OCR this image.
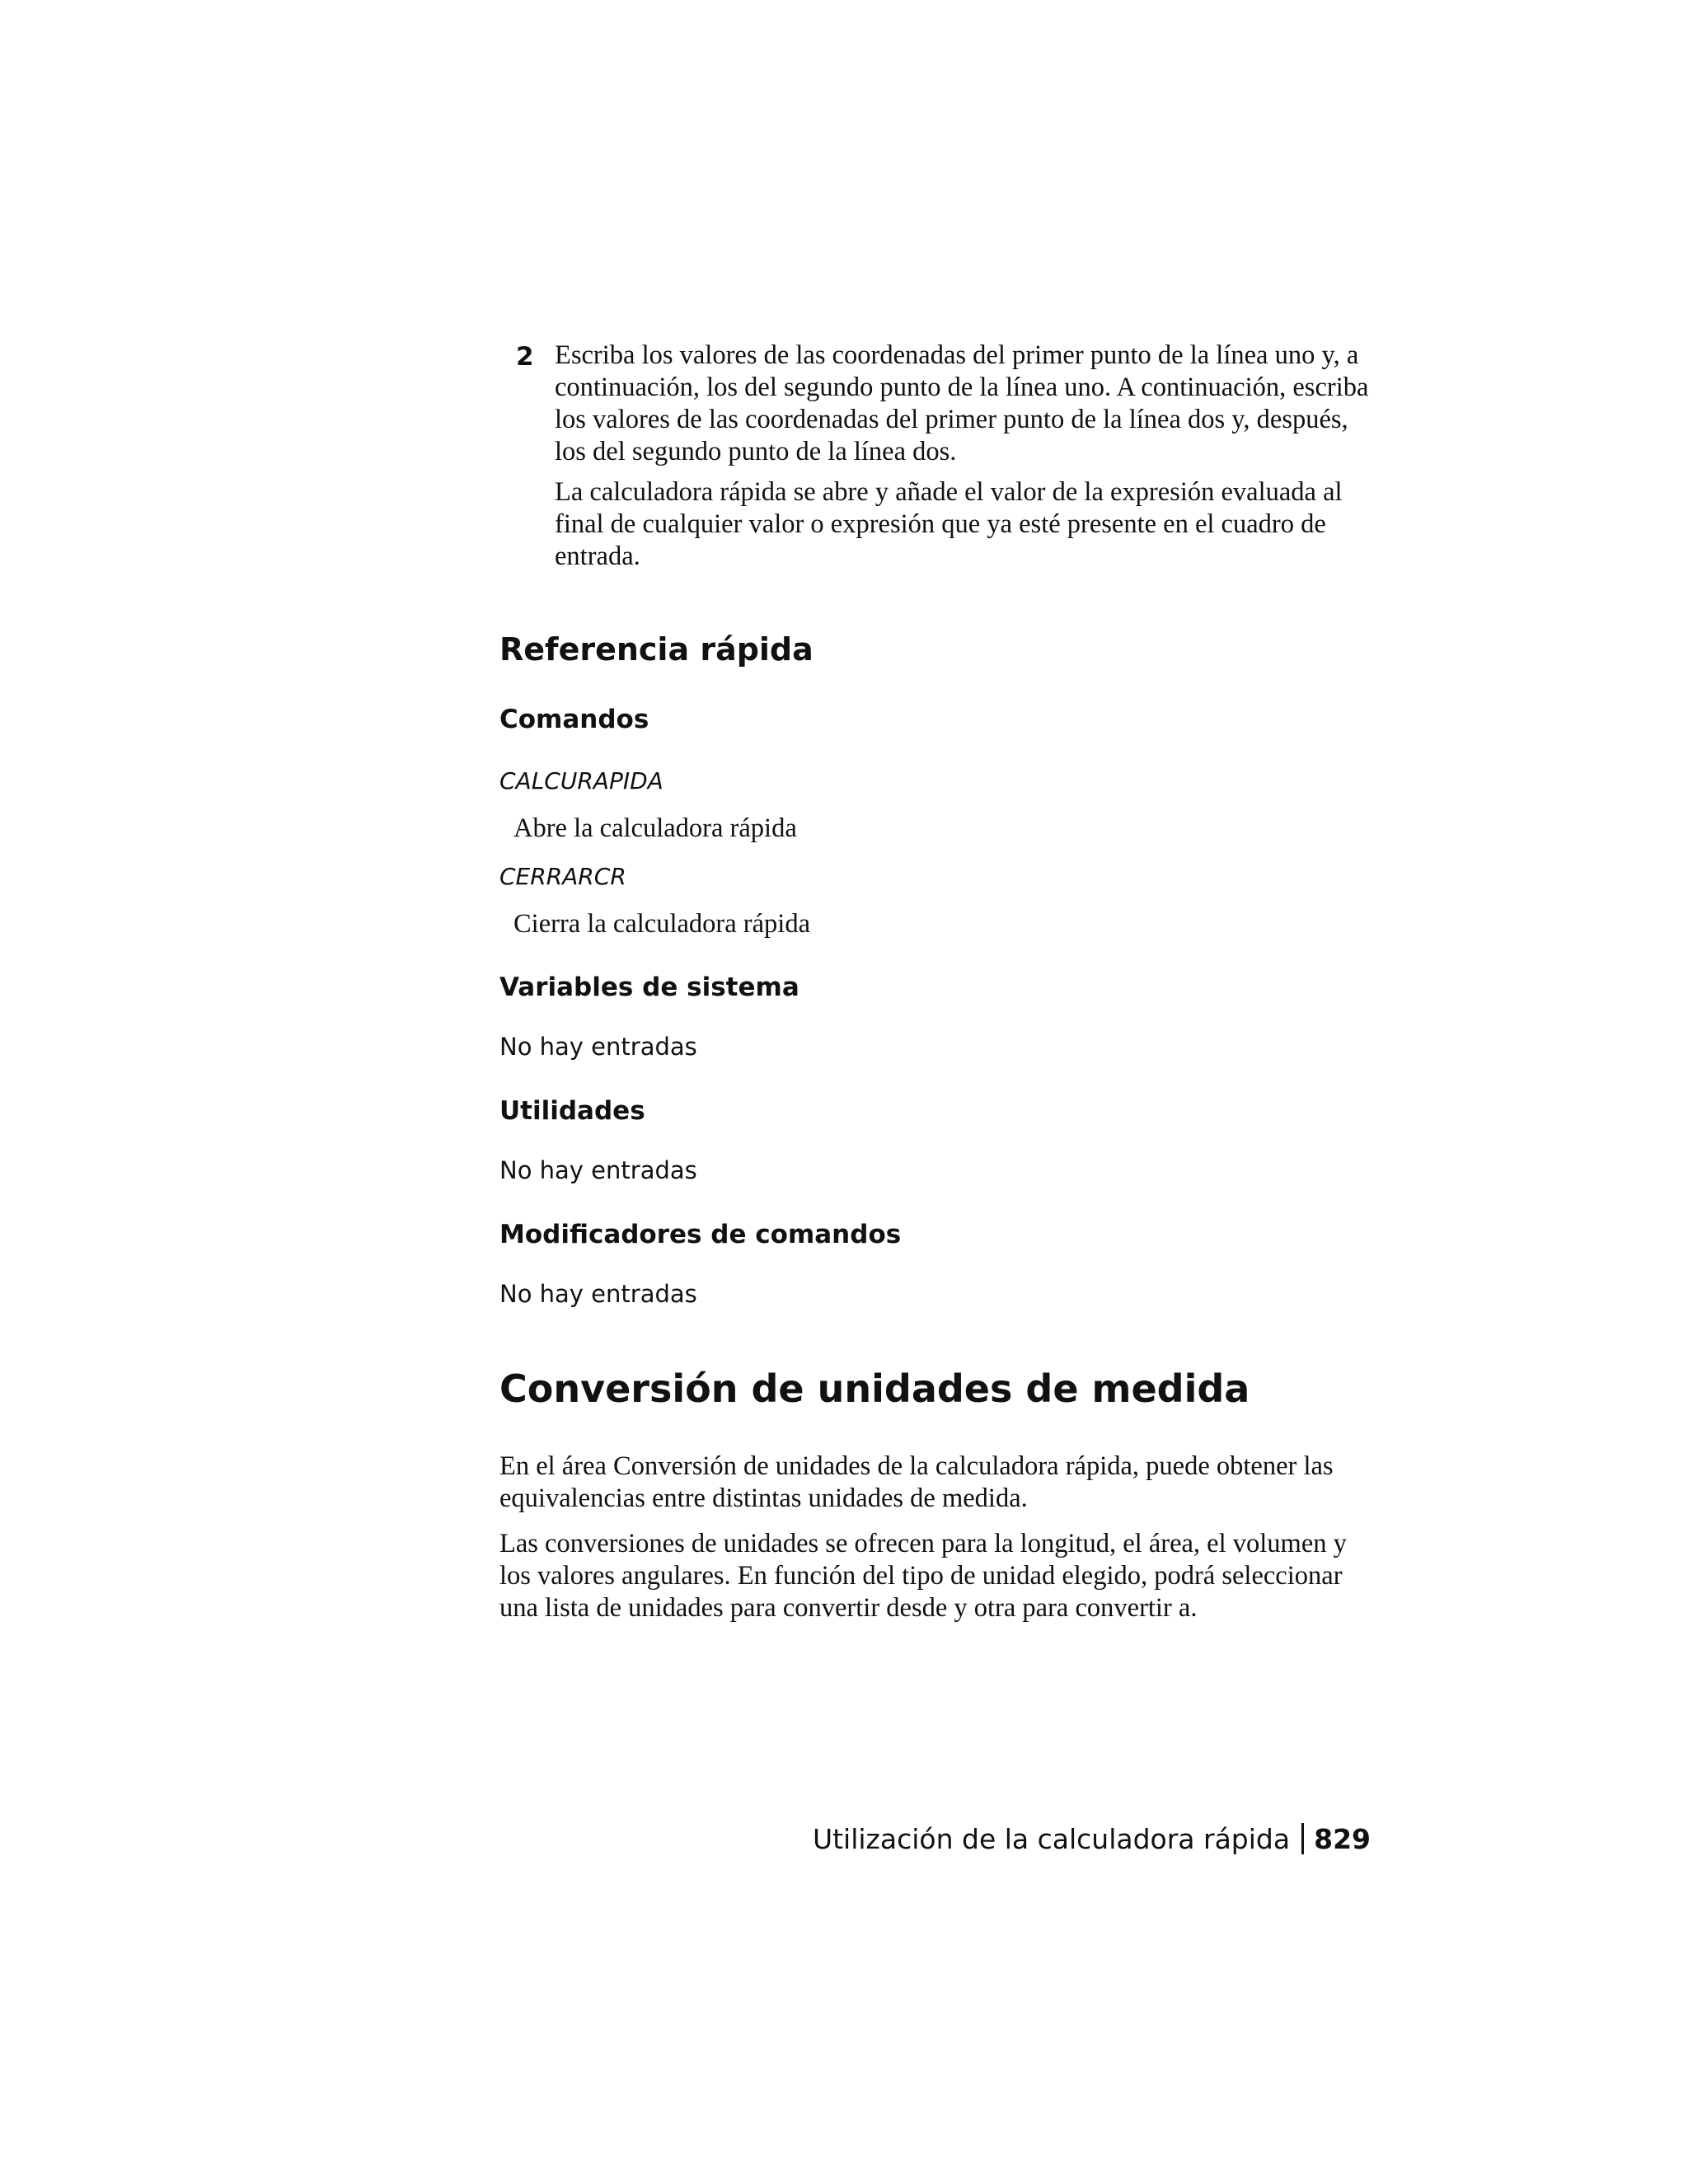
2 Escriba los valores de las coordenadas del primer punto de la línea uno y, a continuación, los del segundo punto de la línea uno. A continuación, escriba los valores de las coordenadas del primer punto de la línea dos y, después, los del segundo punto de la línea dos.

La calculadora rápida se abre y añade el valor de la expresión evaluada al final de cualquier valor o expresión que ya esté presente en el cuadro de entrada.

Referencia rápida
Comandos
CALCURAPIDA
Abre la calculadora rápida
CERRARCR
Cierra la calculadora rápida
Variables de sistema
No hay entradas
Utilidades
No hay entradas
Modificadores de comandos
No hay entradas
Conversión de unidades de medida

En el área Conversión de unidades de la calculadora rápida, puede obtener las equivalencias entre distintas unidades de medida.

Las conversiones de unidades se ofrecen para la longitud, el área, el volumen y los valores angulares. En función del tipo de unidad elegido, podrá seleccionar una lista de unidades para convertir desde y otra para convertir a.

Utilización de la calculadora rápida 829
